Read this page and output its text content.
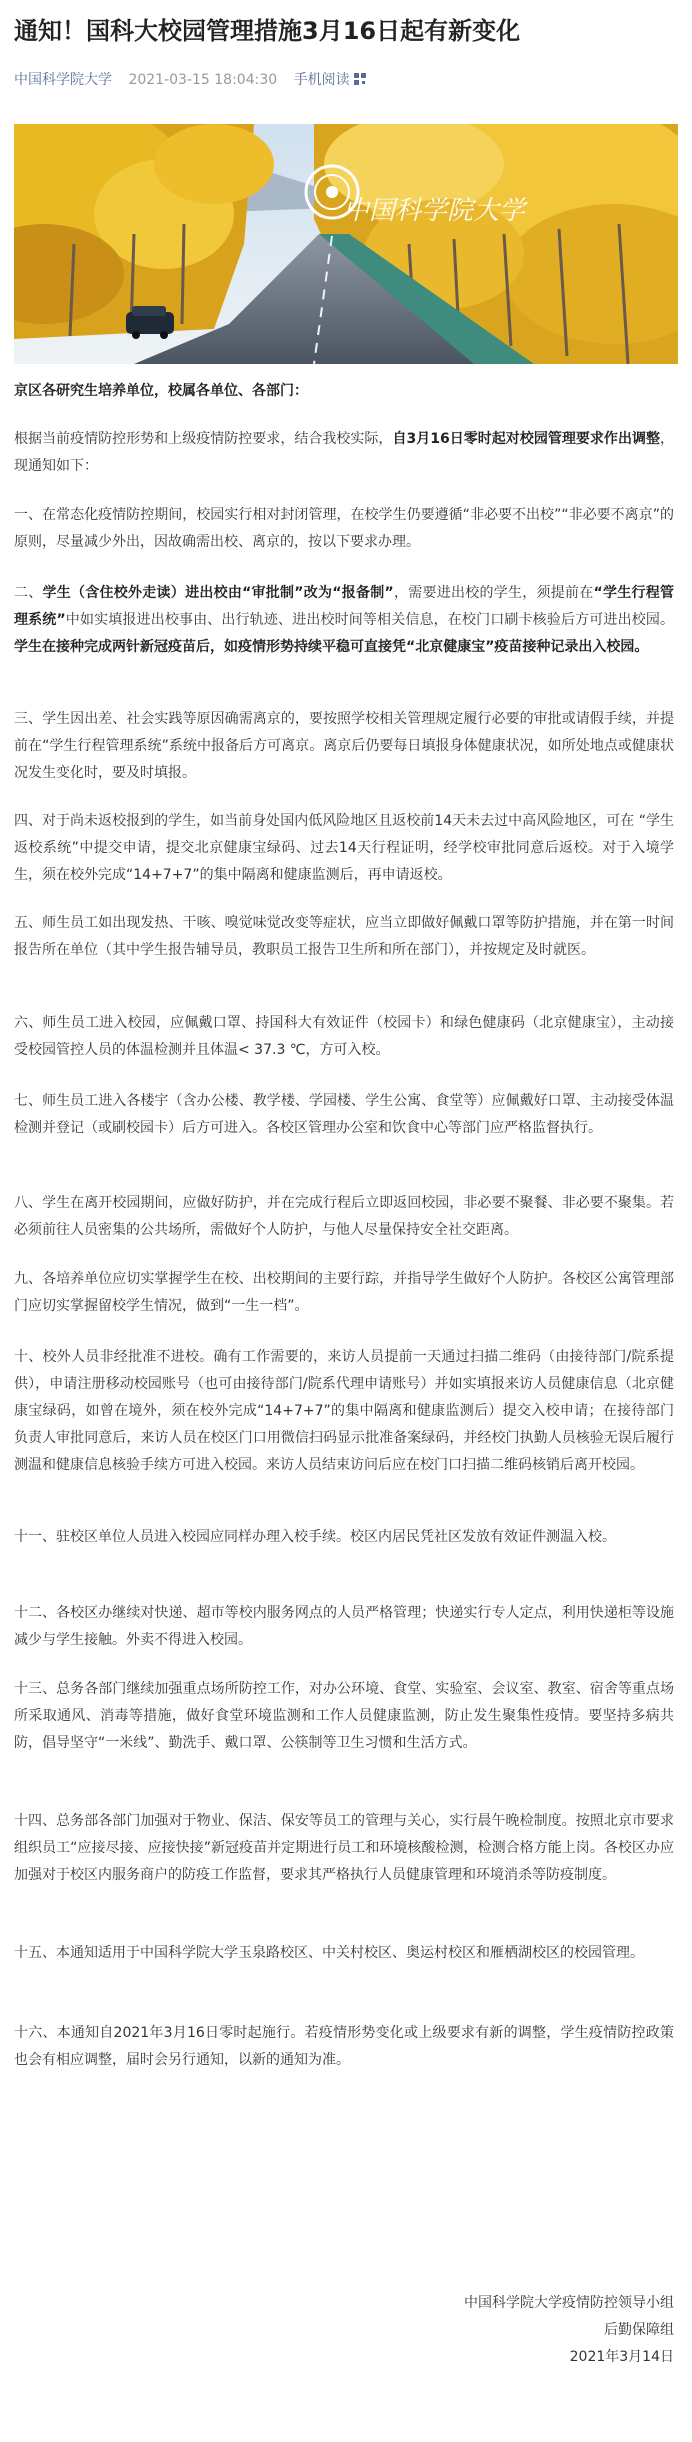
通知！国科大校园管理措施3月16日起有新变化
中国科学院大学 2021-03-15 18:04:30 手机阅读
中国科学院大学

京区各研究生培养单位，校属各单位、各部门：

根据当前疫情防控形势和上级疫情防控要求，结合我校实际，自3月16日零时起对校园管理要求作出调整，现通知如下：

一、在常态化疫情防控期间，校园实行相对封闭管理，在校学生仍要遵循“非必要不出校”“非必要不离京”的原则，尽量减少外出，因故确需出校、离京的，按以下要求办理。

二、学生（含住校外走读）进出校由“审批制”改为“报备制”，需要进出校的学生，须提前在“学生行程管理系统”中如实填报进出校事由、出行轨迹、进出校时间等相关信息，在校门口刷卡核验后方可进出校园。学生在接种完成两针新冠疫苗后，如疫情形势持续平稳可直接凭“北京健康宝”疫苗接种记录出入校园。

三、学生因出差、社会实践等原因确需离京的，要按照学校相关管理规定履行必要的审批或请假手续，并提前在“学生行程管理系统”系统中报备后方可离京。离京后仍要每日填报身体健康状况，如所处地点或健康状况发生变化时，要及时填报。

四、对于尚未返校报到的学生，如当前身处国内低风险地区且返校前14天未去过中高风险地区，可在 “学生返校系统”中提交申请，提交北京健康宝绿码、过去14天行程证明，经学校审批同意后返校。对于入境学生，须在校外完成“14+7+7”的集中隔离和健康监测后，再申请返校。

五、师生员工如出现发热、干咳、嗅觉味觉改变等症状，应当立即做好佩戴口罩等防护措施，并在第一时间报告所在单位（其中学生报告辅导员，教职员工报告卫生所和所在部门），并按规定及时就医。

六、师生员工进入校园，应佩戴口罩、持国科大有效证件（校园卡）和绿色健康码（北京健康宝），主动接受校园管控人员的体温检测并且体温< 37.3 ℃，方可入校。

七、师生员工进入各楼宇（含办公楼、教学楼、学园楼、学生公寓、食堂等）应佩戴好口罩、主动接受体温检测并登记（或刷校园卡）后方可进入。各校区管理办公室和饮食中心等部门应严格监督执行。

八、学生在离开校园期间，应做好防护，并在完成行程后立即返回校园，非必要不聚餐、非必要不聚集。若必须前往人员密集的公共场所，需做好个人防护，与他人尽量保持安全社交距离。

九、各培养单位应切实掌握学生在校、出校期间的主要行踪，并指导学生做好个人防护。各校区公寓管理部门应切实掌握留校学生情况，做到“一生一档”。

十、校外人员非经批准不进校。确有工作需要的，来访人员提前一天通过扫描二维码（由接待部门/院系提供），申请注册移动校园账号（也可由接待部门/院系代理申请账号）并如实填报来访人员健康信息（北京健康宝绿码，如曾在境外，须在校外完成“14+7+7”的集中隔离和健康监测后）提交入校申请；在接待部门负责人审批同意后，来访人员在校区门口用微信扫码显示批准备案绿码，并经校门执勤人员核验无误后履行测温和健康信息核验手续方可进入校园。来访人员结束访问后应在校门口扫描二维码核销后离开校园。

十一、驻校区单位人员进入校园应同样办理入校手续。校区内居民凭社区发放有效证件测温入校。

十二、各校区办继续对快递、超市等校内服务网点的人员严格管理；快递实行专人定点，利用快递柜等设施减少与学生接触。外卖不得进入校园。

十三、总务各部门继续加强重点场所防控工作，对办公环境、食堂、实验室、会议室、教室、宿舍等重点场所采取通风、消毒等措施，做好食堂环境监测和工作人员健康监测，防止发生聚集性疫情。要坚持多病共防，倡导坚守“一米线”、勤洗手、戴口罩、公筷制等卫生习惯和生活方式。

十四、总务部各部门加强对于物业、保洁、保安等员工的管理与关心，实行晨午晚检制度。按照北京市要求组织员工“应接尽接、应接快接”新冠疫苗并定期进行员工和环境核酸检测，检测合格方能上岗。各校区办应加强对于校区内服务商户的防疫工作监督，要求其严格执行人员健康管理和环境消杀等防疫制度。

十五、本通知适用于中国科学院大学玉泉路校区、中关村校区、奥运村校区和雁栖湖校区的校园管理。

十六、本通知自2021年3月16日零时起施行。若疫情形势变化或上级要求有新的调整，学生疫情防控政策也会有相应调整，届时会另行通知，以新的通知为准。

中国科学院大学疫情防控领导小组
后勤保障组
2021年3月14日
